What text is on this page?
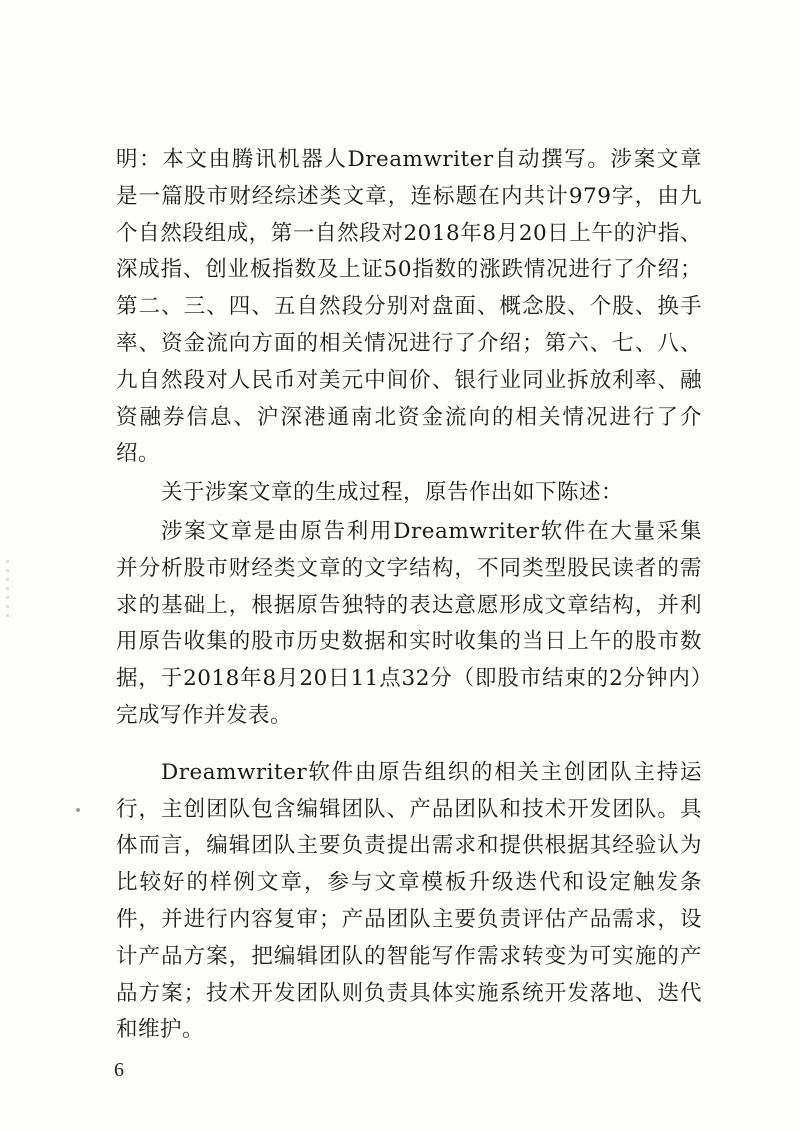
明：本文由腾讯机器人Dreamwriter自动撰写。涉案文章是一篇股市财经综述类文章，连标题在内共计979字，由九个自然段组成，第一自然段对2018年8月20日上午的沪指、深成指、创业板指数及上证50指数的涨跌情况进行了介绍；第二、三、四、五自然段分别对盘面、概念股、个股、换手率、资金流向方面的相关情况进行了介绍；第六、七、八、九自然段对人民币对美元中间价、银行业同业拆放利率、融资融券信息、沪深港通南北资金流向的相关情况进行了介绍。

关于涉案文章的生成过程，原告作出如下陈述：

涉案文章是由原告利用Dreamwriter软件在大量采集并分析股市财经类文章的文字结构，不同类型股民读者的需求的基础上，根据原告独特的表达意愿形成文章结构，并利用原告收集的股市历史数据和实时收集的当日上午的股市数据，于2018年8月20日11点32分（即股市结束的2分钟内）完成写作并发表。

Dreamwriter软件由原告组织的相关主创团队主持运行，主创团队包含编辑团队、产品团队和技术开发团队。具体而言，编辑团队主要负责提出需求和提供根据其经验认为比较好的样例文章，参与文章模板升级迭代和设定触发条件，并进行内容复审；产品团队主要负责评估产品需求，设计产品方案，把编辑团队的智能写作需求转变为可实施的产品方案；技术开发团队则负责具体实施系统开发落地、迭代和维护。

6
